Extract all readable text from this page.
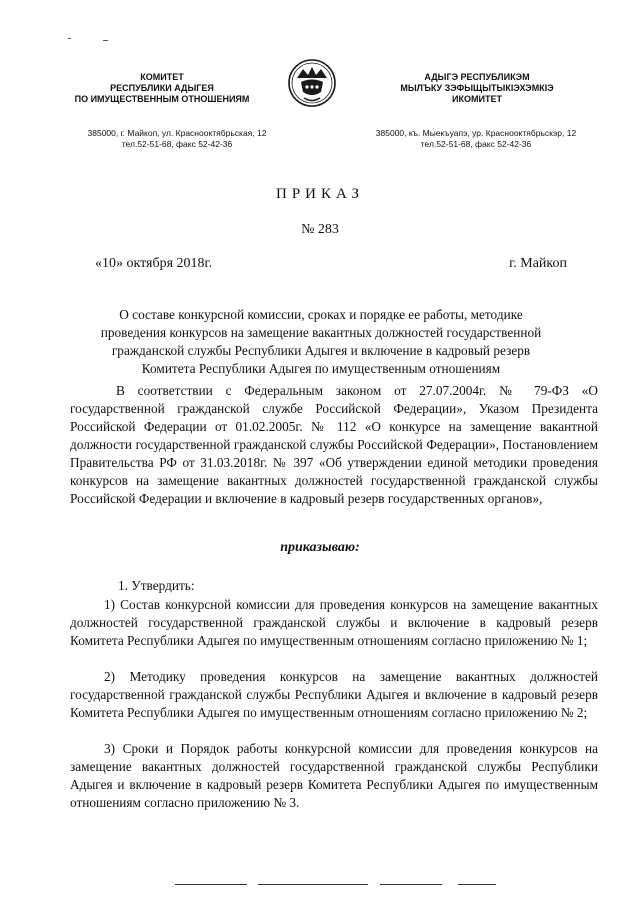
КОМИТЕТ
РЕСПУБЛИКИ АДЫГЕЯ
ПО ИМУЩЕСТВЕННЫМ ОТНОШЕНИЯМ
АДЫГЭ РЕСПУБЛИКЭМ
МЫЛЪКУ ЗЭФЫЩЫТЫКIЭХЭМКIЭ
ИКОМИТЕТ
385000, г. Майкоп, ул. Краснооктябрьская, 12
тел.52-51-68, факс 52-42-36
385000, къ. Мыекъуапэ, ур. Краснооктябрьскэр, 12
тел.52-51-68, факс 52-42-36
ПРИКАЗ
№ 283
«10» октября 2018г.	г. Майкоп
О составе конкурсной комиссии, сроках и порядке ее работы, методике проведения конкурсов на замещение вакантных должностей государственной гражданской службы Республики Адыгея и включение в кадровый резерв Комитета Республики Адыгея по имущественным отношениям

В соответствии с Федеральным законом от 27.07.2004г. № 79-ФЗ «О государственной гражданской службе Российской Федерации», Указом Президента Российской Федерации от 01.02.2005г. № 112 «О конкурсе на замещение вакантной должности государственной гражданской службы Российской Федерации», Постановлением Правительства РФ от 31.03.2018г. № 397 «Об утверждении единой методики проведения конкурсов на замещение вакантных должностей государственной гражданской службы Российской Федерации и включение в кадровый резерв государственных органов»,

приказываю:
1. Утвердить:

1) Состав конкурсной комиссии для проведения конкурсов на замещение вакантных должностей государственной гражданской службы и включение в кадровый резерв Комитета Республики Адыгея по имущественным отношениям согласно приложению № 1;

2) Методику проведения конкурсов на замещение вакантных должностей государственной гражданской службы Республики Адыгея и включение в кадровый резерв Комитета Республики Адыгея по имущественным отношениям согласно приложению № 2;

3) Сроки и Порядок работы конкурсной комиссии для проведения конкурсов на замещение вакантных должностей государственной гражданской службы Республики Адыгея и включение в кадровый резерв Комитета Республики Адыгея по имущественным отношениям согласно приложению № 3.
